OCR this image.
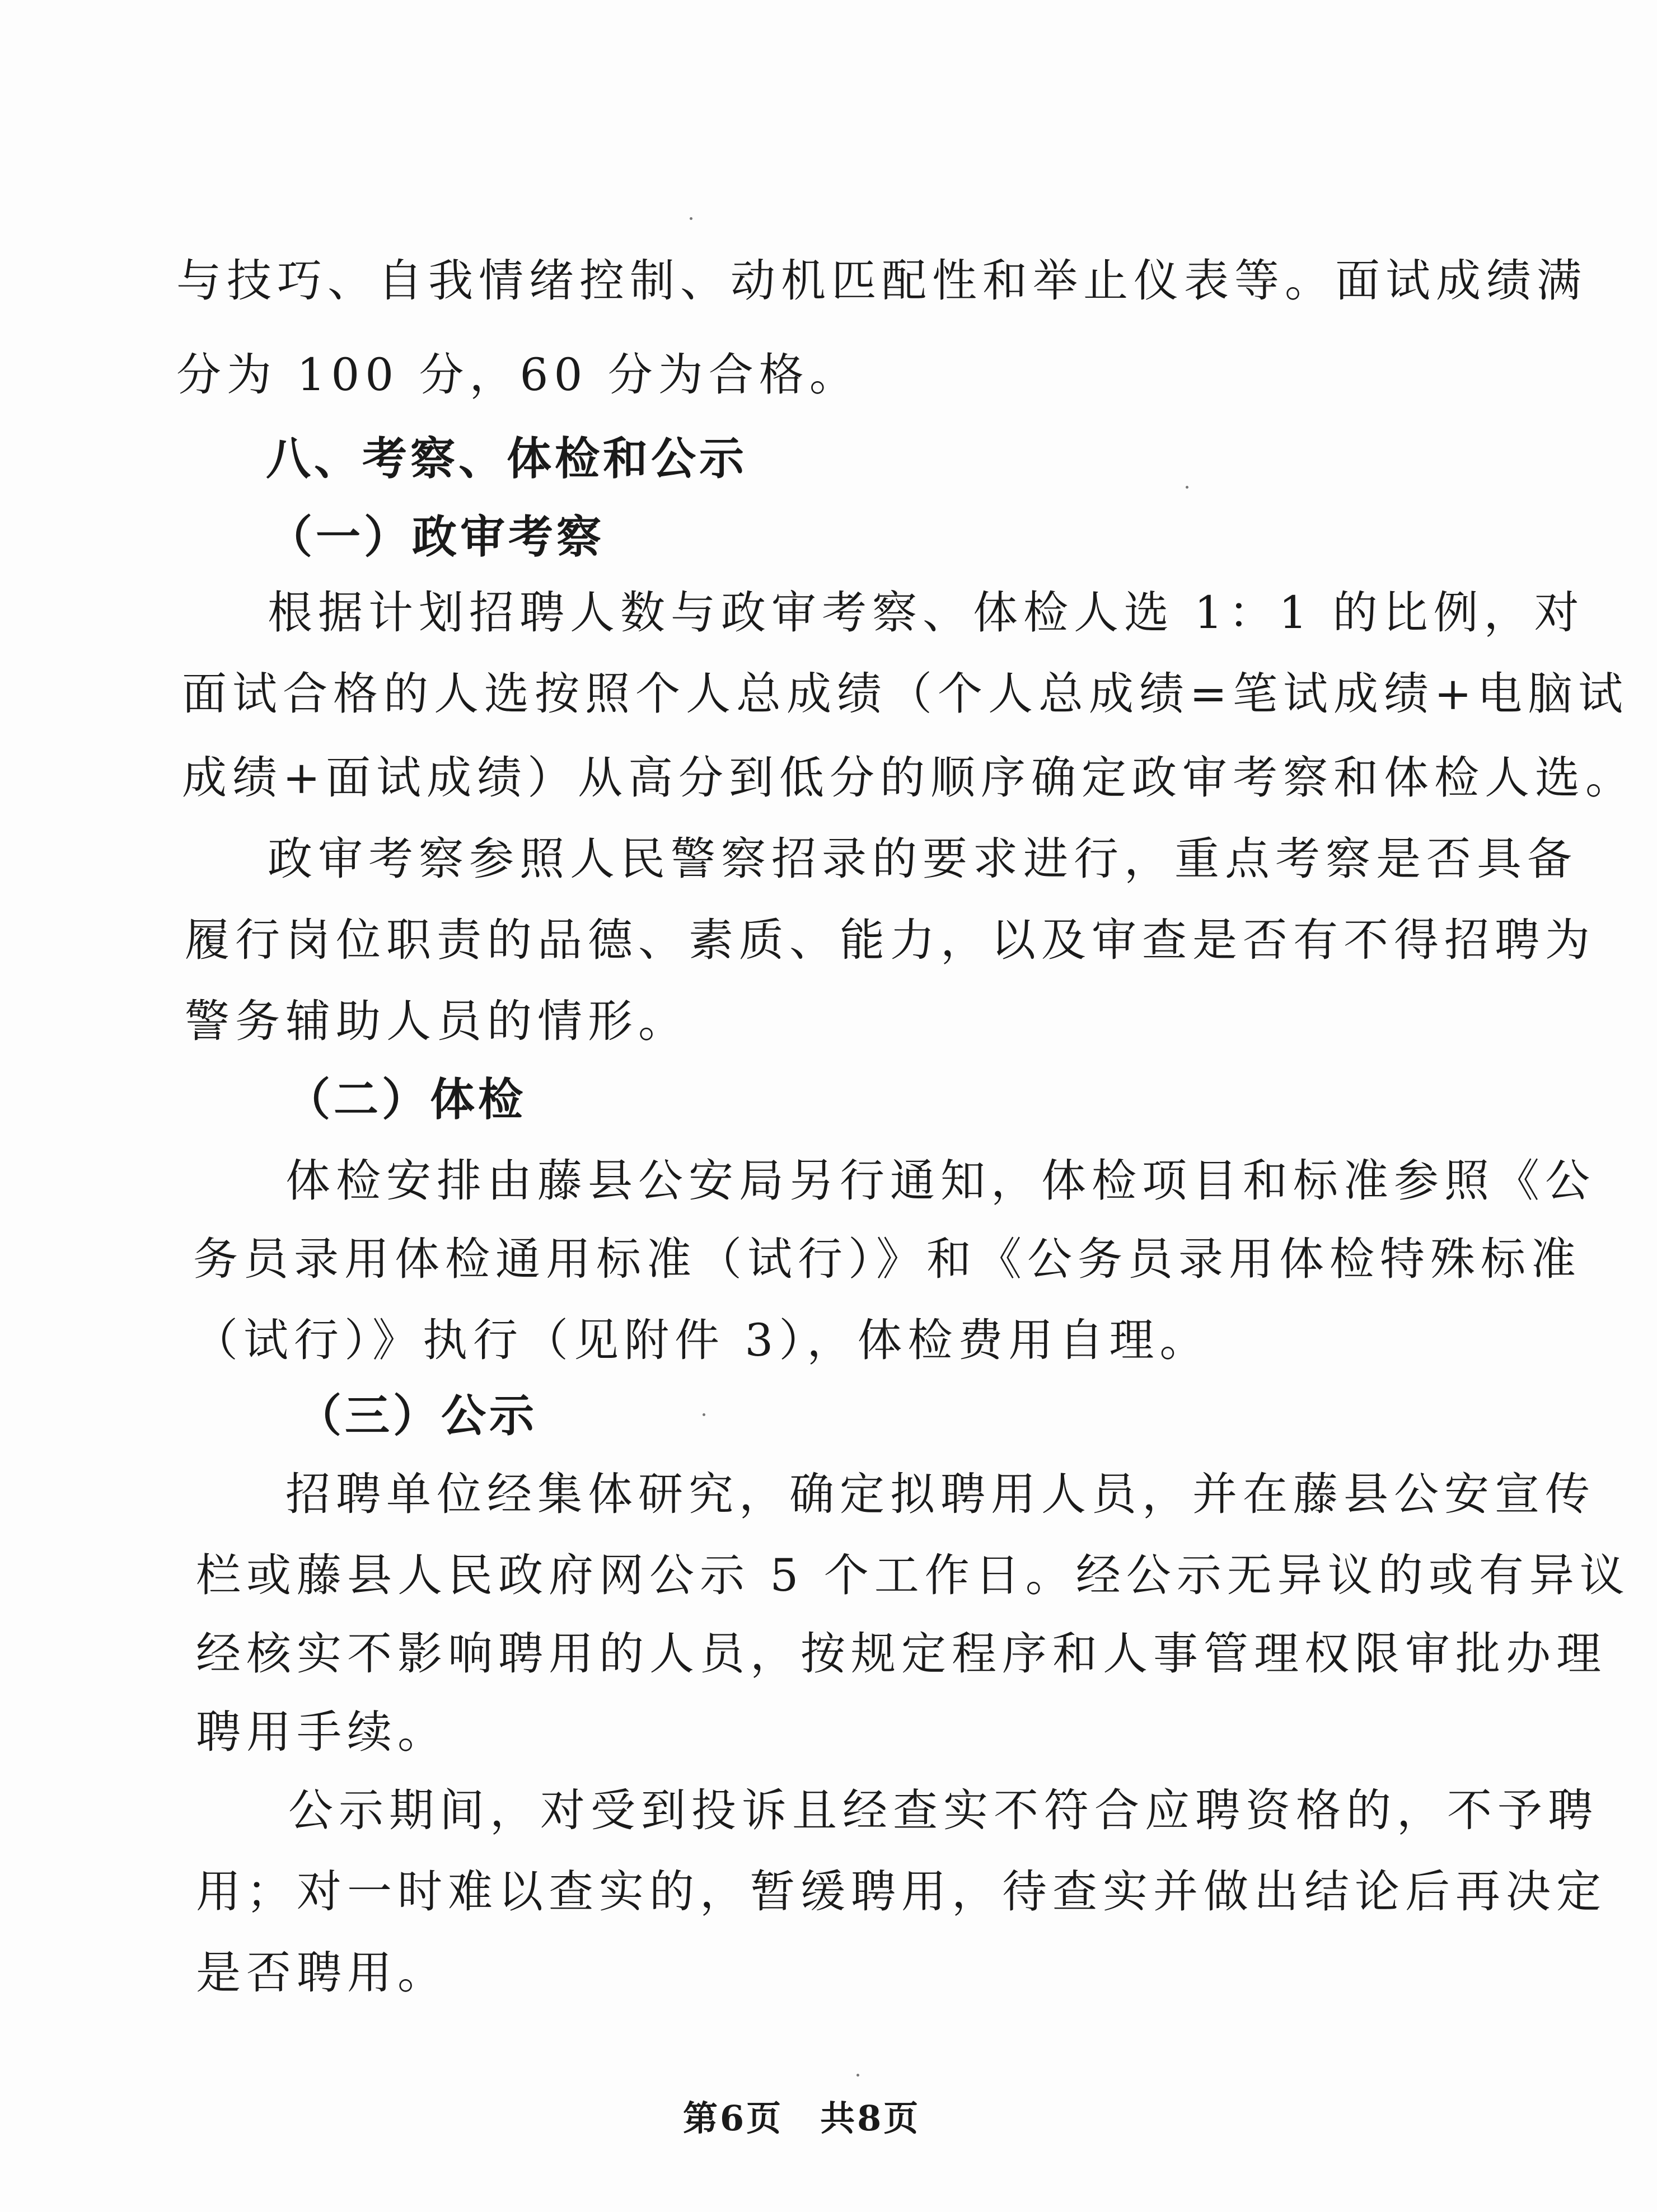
与技巧、自我情绪控制、动机匹配性和举止仪表等。面试成绩满
分为 100 分，60 分为合格。
八、考察、体检和公示
（一）政审考察
根据计划招聘人数与政审考察、体检人选 1：1 的比例，对
面试合格的人选按照个人总成绩（个人总成绩=笔试成绩+电脑试
成绩+面试成绩）从高分到低分的顺序确定政审考察和体检人选。
政审考察参照人民警察招录的要求进行，重点考察是否具备
履行岗位职责的品德、素质、能力，以及审查是否有不得招聘为
警务辅助人员的情形。
（二）体检
体检安排由藤县公安局另行通知，体检项目和标准参照《公
务员录用体检通用标准（试行）》和《公务员录用体检特殊标准
（试行）》执行（见附件 3），体检费用自理。
（三）公示
招聘单位经集体研究，确定拟聘用人员，并在藤县公安宣传
栏或藤县人民政府网公示 5 个工作日。经公示无异议的或有异议
经核实不影响聘用的人员，按规定程序和人事管理权限审批办理
聘用手续。
公示期间，对受到投诉且经查实不符合应聘资格的，不予聘
用；对一时难以查实的，暂缓聘用，待查实并做出结论后再决定
是否聘用。
第6页　共8页
